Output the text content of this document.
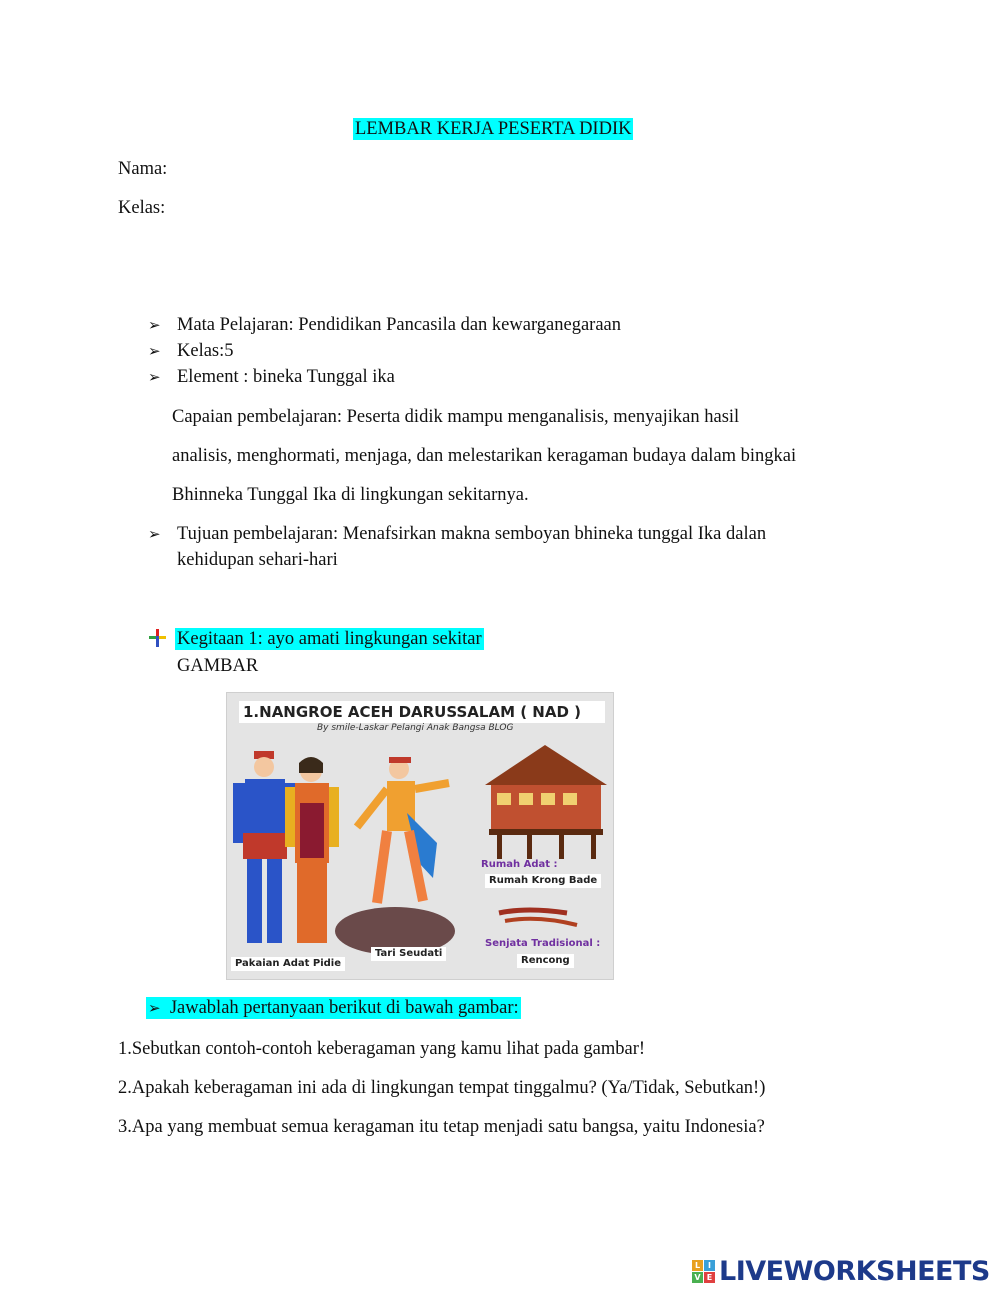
LEMBAR KERJA PESERTA DIDIK
Nama:
Kelas:
➢ Mata Pelajaran: Pendidikan Pancasila dan kewarganegaraan
➢ Kelas:5
➢ Element : bineka Tunggal ika
Capaian pembelajaran: Peserta didik mampu menganalisis, menyajikan hasil
analisis, menghormati, menjaga, dan melestarikan keragaman budaya dalam bingkai
Bhinneka Tunggal Ika di lingkungan sekitarnya.
➢ Tujuan pembelajaran: Menafsirkan makna semboyan bhineka tunggal Ika dalan
kehidupan sehari-hari
Kegitaan 1: ayo amati lingkungan sekitar
GAMBAR
1.NANGROE ACEH DARUSSALAM ( NAD )
By smile-Laskar Pelangi Anak Bangsa BLOG
Rumah Adat :
Rumah Krong Bade
Senjata Tradisional :
Rencong
Pakaian Adat Pidie
Tari Seudati
➢ Jawablah pertanyaan berikut di bawah gambar:
1.Sebutkan contoh-contoh keberagaman yang kamu lihat pada gambar!
2.Apakah keberagaman ini ada di lingkungan tempat tinggalmu? (Ya/Tidak, Sebutkan!)
3.Apa yang membuat semua keragaman itu tetap menjadi satu bangsa, yaitu Indonesia?
L I
V E LIVEWORKSHEETS
